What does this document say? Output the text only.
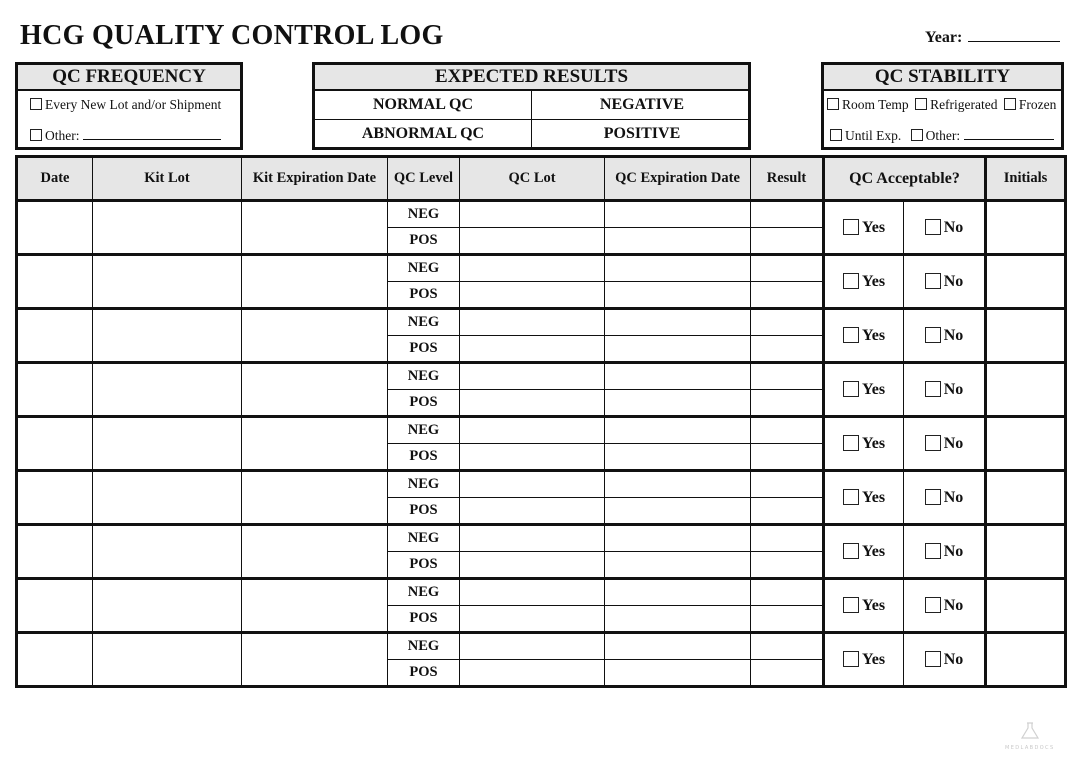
HCG QUALITY CONTROL LOG	Year:
QC FREQUENCY
Every New Lot and/or Shipment
Other:
EXPECTED RESULTS
NORMAL QC	NEGATIVE
ABNORMAL QC	POSITIVE
QC STABILITY
Room Temp Refrigerated Frozen
Until Exp. Other:
Date	Kit Lot	Kit Expiration Date	QC Level	QC Lot	QC Expiration Date	Result	QC Acceptable?		Initials
			NEG				Yes	No	
			POS						
			NEG				Yes	No	
			POS						
			NEG				Yes	No	
			POS						
			NEG				Yes	No	
			POS						
			NEG				Yes	No	
			POS						
			NEG				Yes	No	
			POS						
			NEG				Yes	No	
			POS						
			NEG				Yes	No	
			POS						
			NEG				Yes	No	
			POS						
MEDLABDOCS
